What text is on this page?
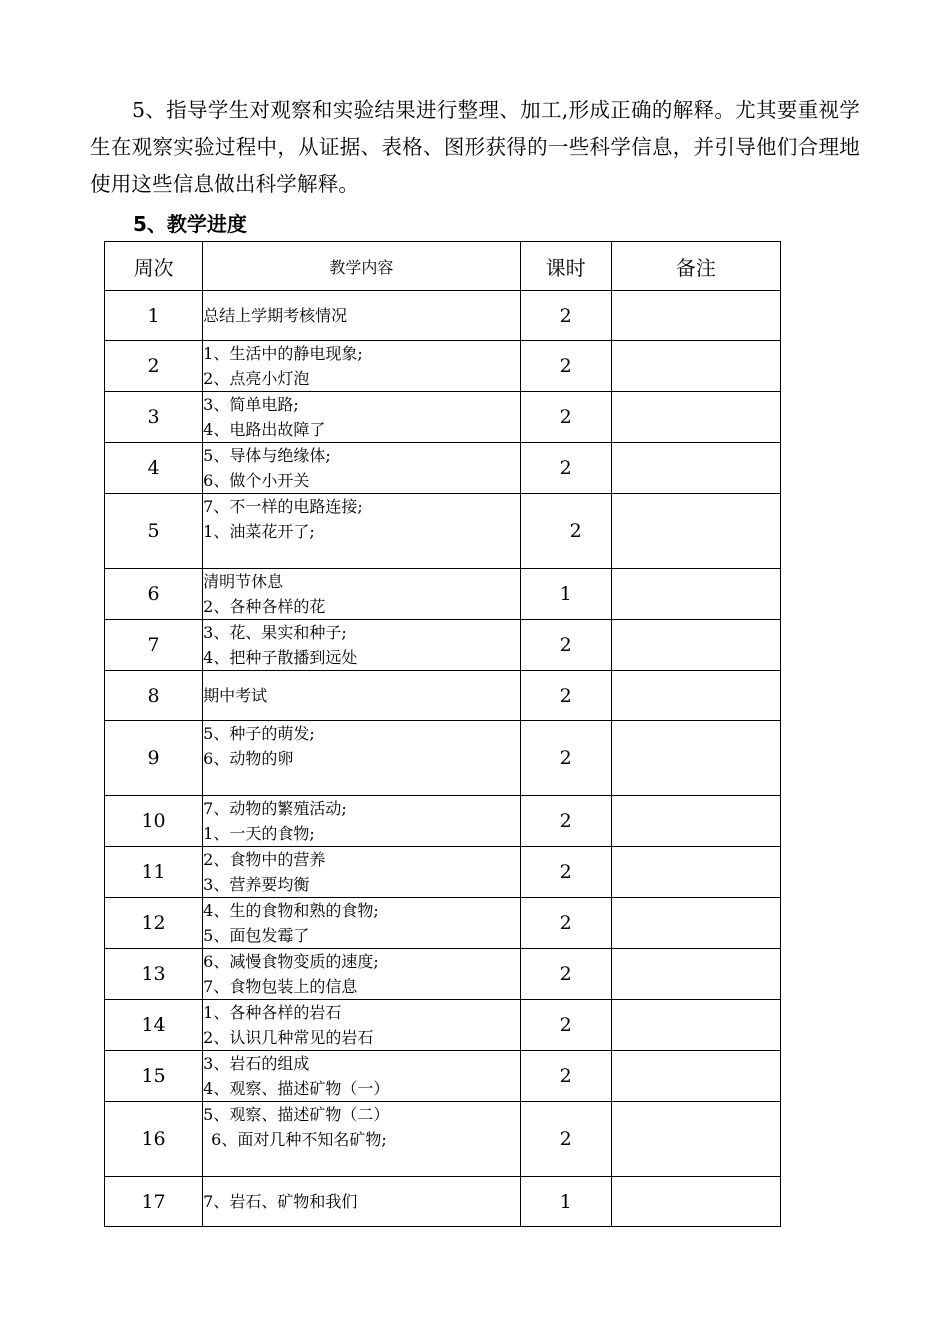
5、指导学生对观察和实验结果进行整理、加工,形成正确的解释。尤其要重视学生在观察实验过程中，从证据、表格、图形获得的一些科学信息，并引导他们合理地使用这些信息做出科学解释。
5、教学进度
周次	教学内容	课时	备注
1	总结上学期考核情况	2	
2	1、生活中的静电现象;
2、点亮小灯泡	2	
3	3、简单电路;
4、电路出故障了	2	
4	5、导体与绝缘体;
6、做个小开关	2	
5	7、不一样的电路连接;
1、油菜花开了;	2	
6	清明节休息
2、各种各样的花	1	
7	3、花、果实和种子;
4、把种子散播到远处	2	
8	期中考试	2	
9	5、种子的萌发;
6、动物的卵	2	
10	7、动物的繁殖活动;
1、一天的食物;	2	
11	2、食物中的营养
3、营养要均衡	2	
12	4、生的食物和熟的食物;
5、面包发霉了	2	
13	6、减慢食物变质的速度;
7、食物包装上的信息	2	
14	1、各种各样的岩石
2、认识几种常见的岩石	2	
15	3、岩石的组成
4、观察、描述矿物（一）	2	
16	5、观察、描述矿物（二）
6、面对几种不知名矿物;	2	
17	7、岩石、矿物和我们	1	
